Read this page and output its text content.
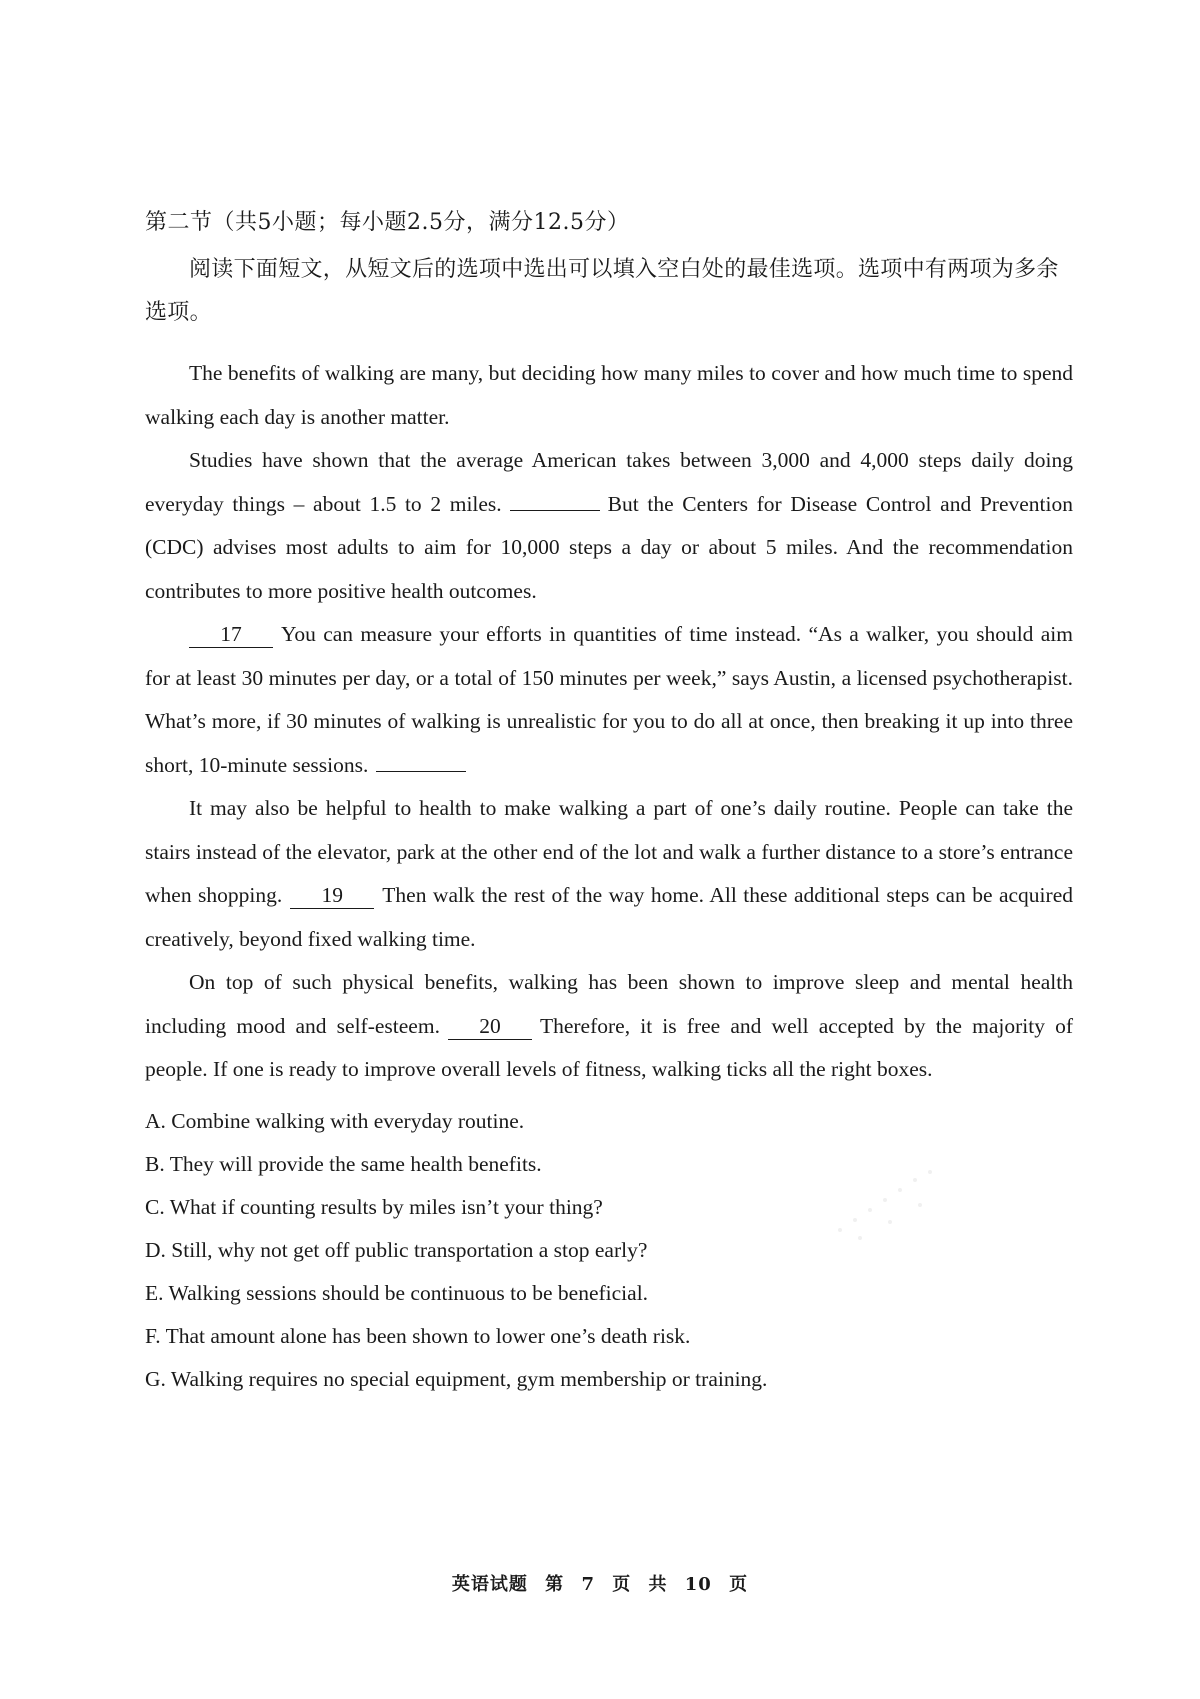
第二节（共5小题；每小题2.5分，满分12.5分）
阅读下面短文，从短文后的选项中选出可以填入空白处的最佳选项。选项中有两项为多余选项。

The benefits of walking are many, but deciding how many miles to cover and how much time to spend walking each day is another matter.

Studies have shown that the average American takes between 3,000 and 4,000 steps daily doing everyday things – about 1.5 to 2 miles.	But the Centers for Disease Control and Prevention (CDC) advises most adults to aim for 10,000 steps a day or about 5 miles. And the recommendation contributes to more positive health outcomes.

17 You can measure your efforts in quantities of time instead. “As a walker, you should aim for at least 30 minutes per day, or a total of 150 minutes per week,” says Austin, a licensed psychotherapist. What’s more, if 30 minutes of walking is unrealistic for you to do all at once, then breaking it up into three short, 10-minute sessions.

It may also be helpful to health to make walking a part of one’s daily routine. People can take the stairs instead of the elevator, park at the other end of the lot and walk a further distance to a store’s entrance when shopping. 19 Then walk the rest of the way home. All these additional steps can be acquired creatively, beyond fixed walking time.

On top of such physical benefits, walking has been shown to improve sleep and mental health including mood and self-esteem. 20 Therefore, it is free and well accepted by the majority of people. If one is ready to improve overall levels of fitness, walking ticks all the right boxes.

A. Combine walking with everyday routine.
B. They will provide the same health benefits.
C. What if counting results by miles isn’t your thing?
D. Still, why not get off public transportation a stop early?
E. Walking sessions should be continuous to be beneficial.
F. That amount alone has been shown to lower one’s death risk.
G. Walking requires no special equipment, gym membership or training.
英语试题 第 7 页 共 10 页
